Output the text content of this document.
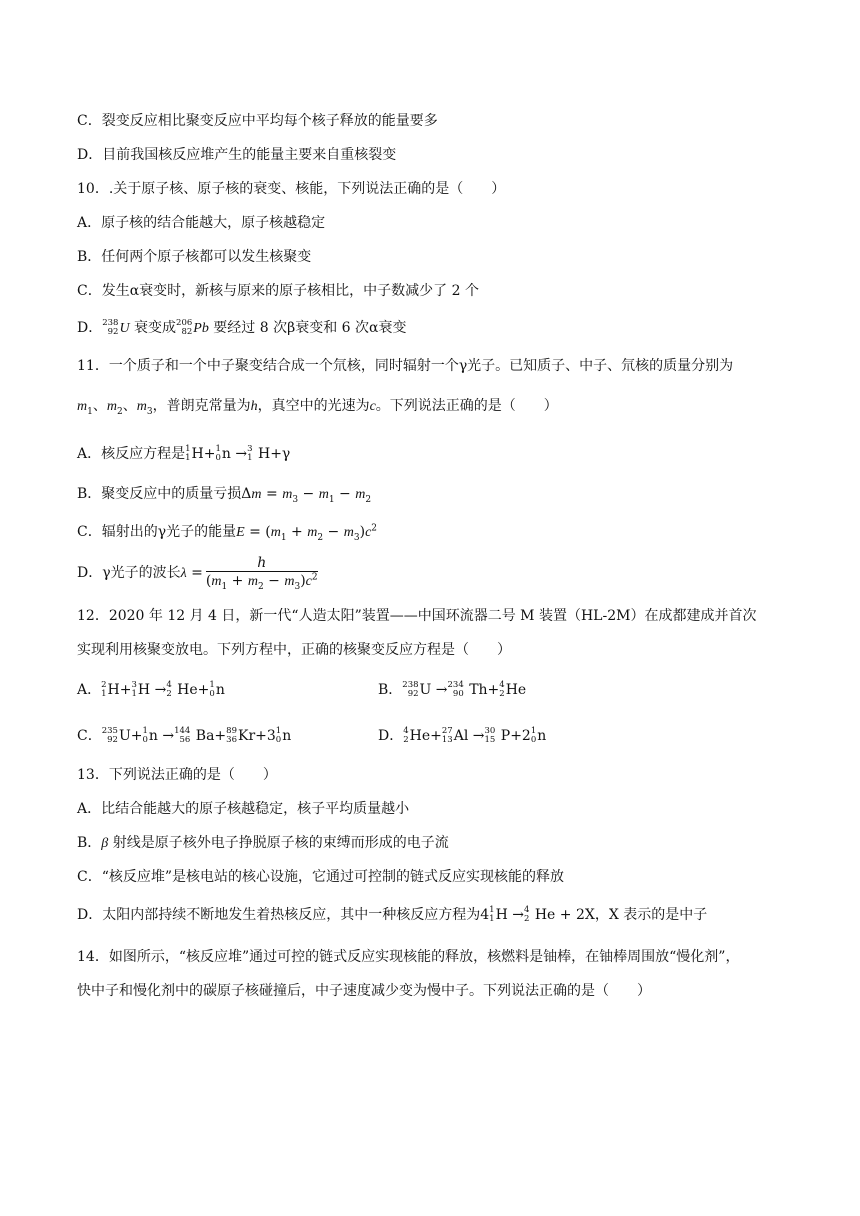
C．裂变反应相比聚变反应中平均每个核子释放的能量要多
D．目前我国核反应堆产生的能量主要来自重核裂变
10．.关于原子核、原子核的衰变、核能，下列说法正确的是（　　）
A．原子核的结合能越大，原子核越稳定
B．任何两个原子核都可以发生核聚变
C．发生α衰变时，新核与原来的原子核相比，中子数减少了 2 个
D． 238
92 U 衰变成 206
82 Pb 要经过 8 次β衰变和 6 次α衰变
11．一个质子和一个中子聚变结合成一个氘核，同时辐射一个γ光子。已知质子、中子、氘核的质量分别为
$m_1$、$m_2$、$m_3$，普朗克常量为h，真空中的光速为c。下列说法正确的是（　　）
A．核反应方程是 1
1 H+ 1
0 n → 3
1 H+γ
B．聚变反应中的质量亏损$\Delta m = m_3 - m_1 - m_2$
C．辐射出的γ光子的能量$E = (m_1 + m_2 - m_3)c^2$
D．γ光子的波长$\lambda = \frac{h}{(m_1 + m_2 - m_3)c^2}$
12．2020 年 12 月 4 日，新一代“人造太阳”装置——中国环流器二号 M 装置（HL-2M）在成都建成并首次
实现利用核聚变放电。下列方程中，正确的核聚变反应方程是（　　）
A． 2
1 H+ 3
1 H → 4
2 He+ 1
0 n	B． 238
92 U → 234
90 Th+ 4
2 He
C． 235
92 U+ 1
0 n → 144
56 Ba+ 89
36 Kr+3 1
0 n	D． 4
2 He+ 27
13 Al → 30
15 P+2 1
0 n
13．下列说法正确的是（　　）
A．比结合能越大的原子核越稳定，核子平均质量越小
B．β 射线是原子核外电子挣脱原子核的束缚而形成的电子流
C．“核反应堆”是核电站的核心设施，它通过可控制的链式反应实现核能的释放
D．太阳内部持续不断地发生着热核反应，其中一种核反应方程为4 1
1 H → 4
2 He + 2X，X 表示的是中子
14．如图所示，“核反应堆”通过可控的链式反应实现核能的释放，核燃料是铀棒，在铀棒周围放“慢化剂”，
快中子和慢化剂中的碳原子核碰撞后，中子速度减少变为慢中子。下列说法正确的是（　　）
